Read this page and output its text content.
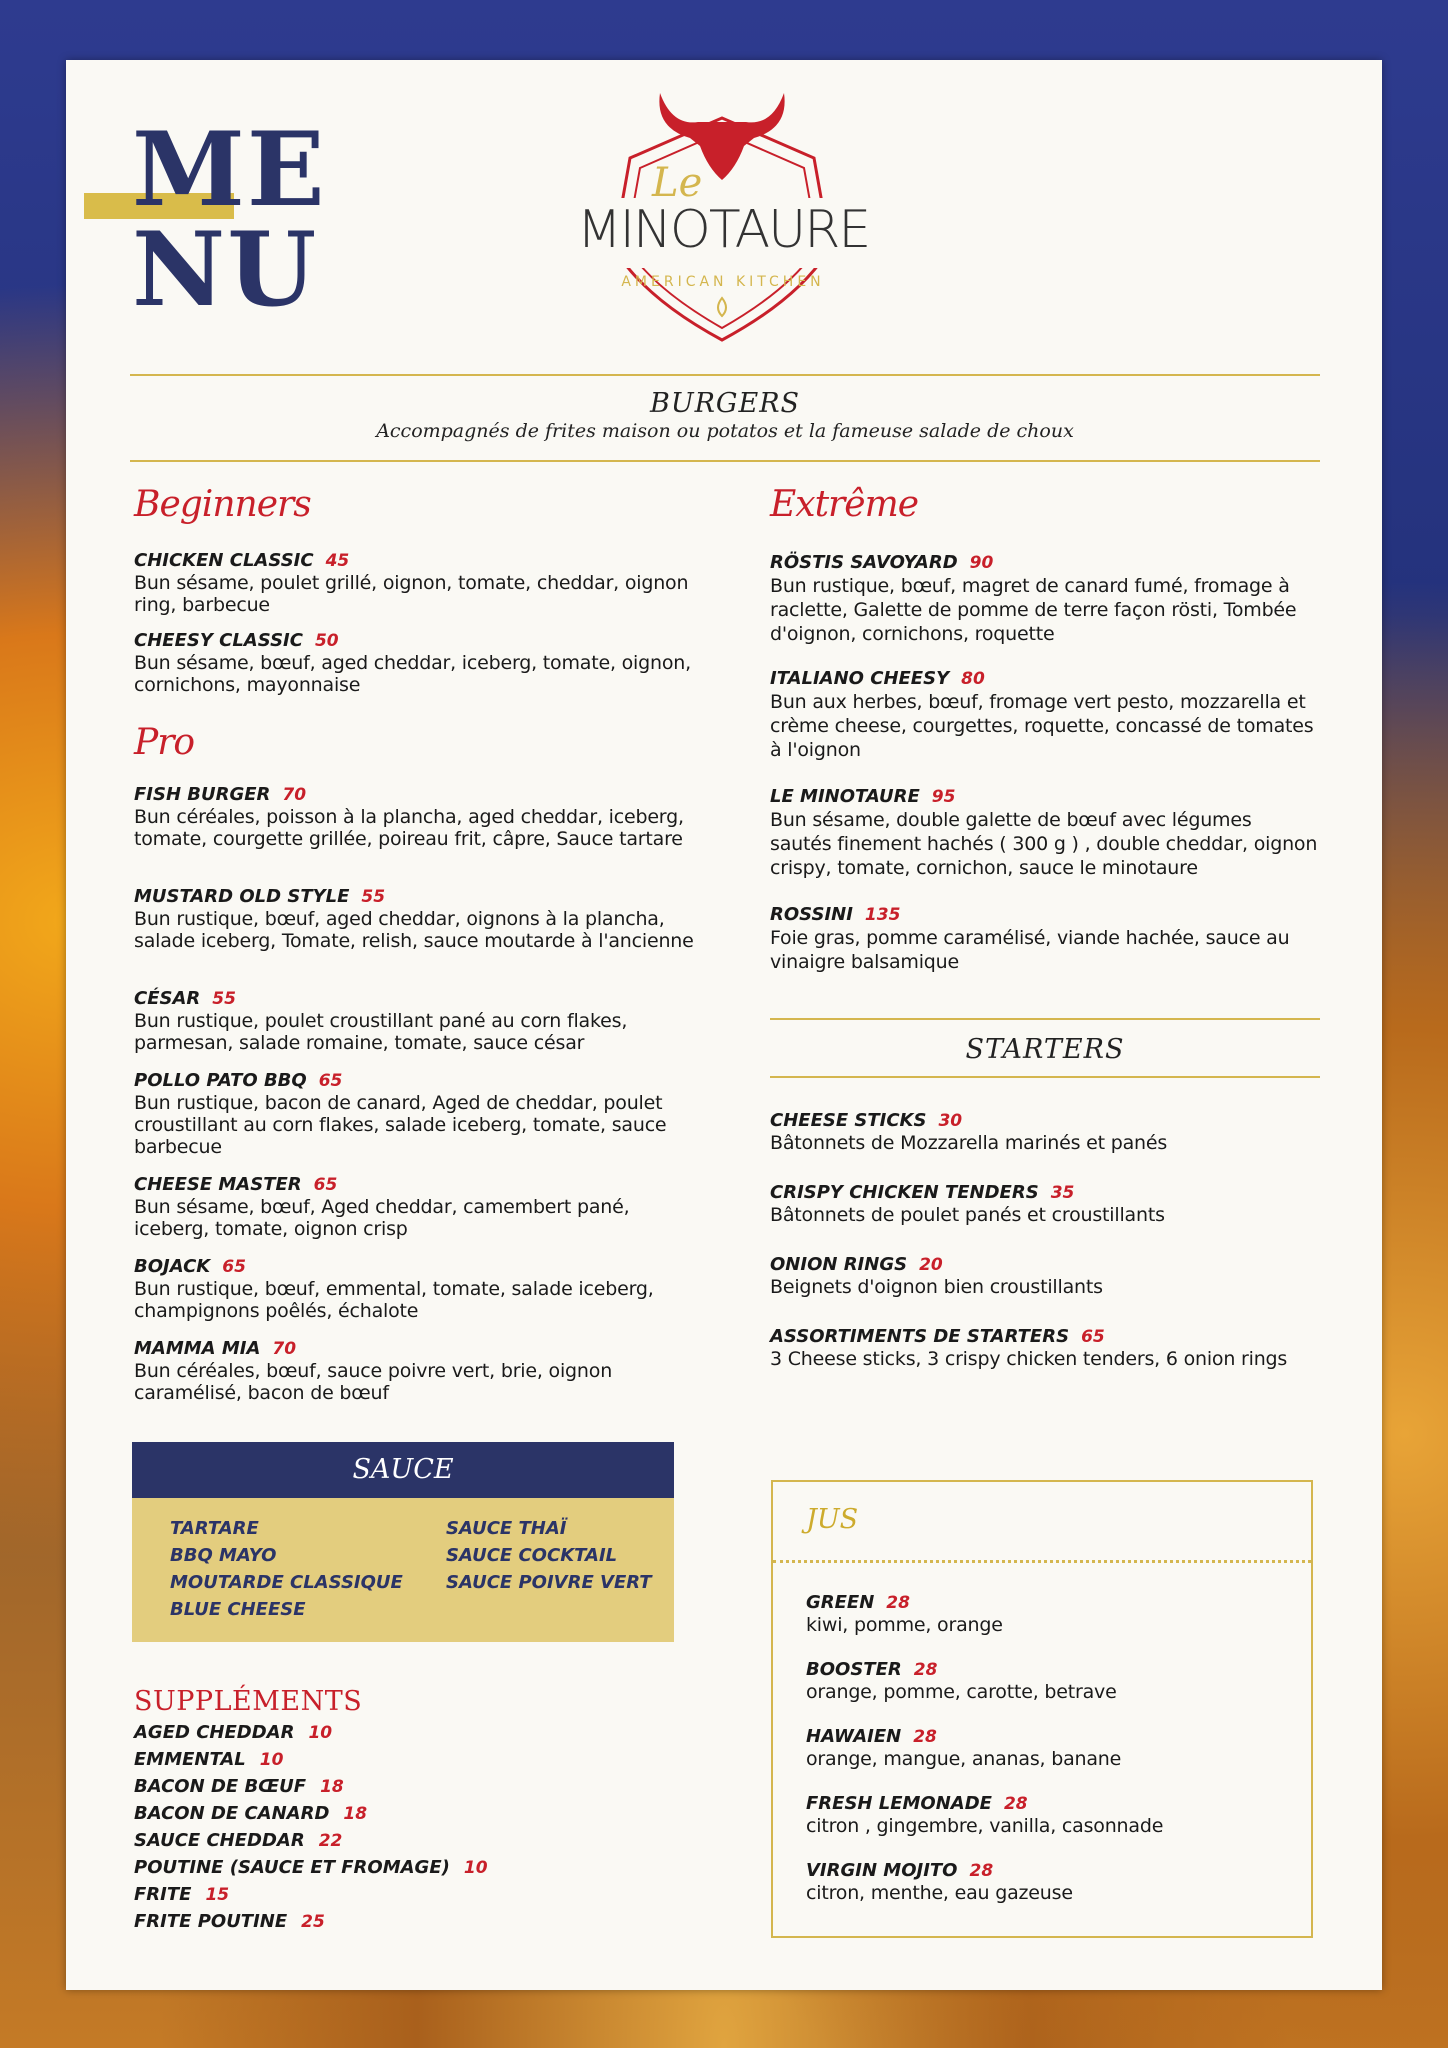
ME
NU
Le
MINOTAURE
AMERICAN KITCHEN
BURGERS
Accompagnés de frites maison ou potatos et la fameuse salade de choux
Beginners
CHICKEN CLASSIC 45
Bun sésame, poulet grillé, oignon, tomate, cheddar, oignon ring, barbecue
CHEESY CLASSIC 50
Bun sésame, bœuf, aged cheddar, iceberg, tomate, oignon, cornichons, mayonnaise
Pro
FISH BURGER 70
Bun céréales, poisson à la plancha, aged cheddar, iceberg, tomate, courgette grillée, poireau frit, câpre, Sauce tartare
MUSTARD OLD STYLE 55
Bun rustique, bœuf, aged cheddar, oignons à la plancha, salade iceberg, Tomate, relish, sauce moutarde à l'ancienne
CÉSAR 55
Bun rustique, poulet croustillant pané au corn flakes, parmesan, salade romaine, tomate, sauce césar
POLLO PATO BBQ 65
Bun rustique, bacon de canard, Aged de cheddar, poulet croustillant au corn flakes, salade iceberg, tomate, sauce barbecue
CHEESE MASTER 65
Bun sésame, bœuf, Aged cheddar, camembert pané, iceberg, tomate, oignon crisp
BOJACK 65
Bun rustique, bœuf, emmental, tomate, salade iceberg, champignons poêlés, échalote
MAMMA MIA 70
Bun céréales, bœuf, sauce poivre vert, brie, oignon caramélisé, bacon de bœuf
Extrême
RÖSTIS SAVOYARD 90
Bun rustique, bœuf, magret de canard fumé, fromage à raclette, Galette de pomme de terre façon rösti, Tombée d'oignon, cornichons, roquette
ITALIANO CHEESY 80
Bun aux herbes, bœuf, fromage vert pesto, mozzarella et crème cheese, courgettes, roquette, concassé de tomates à l'oignon
LE MINOTAURE 95
Bun sésame, double galette de bœuf avec légumes sautés finement hachés ( 300 g ) , double cheddar, oignon crispy, tomate, cornichon, sauce le minotaure
ROSSINI 135
Foie gras, pomme caramélisé, viande hachée, sauce au vinaigre balsamique
STARTERS
CHEESE STICKS 30
Bâtonnets de Mozzarella marinés et panés
CRISPY CHICKEN TENDERS 35
Bâtonnets de poulet panés et croustillants
ONION RINGS 20
Beignets d'oignon bien croustillants
ASSORTIMENTS DE STARTERS 65
3 Cheese sticks, 3 crispy chicken tenders, 6 onion rings
SAUCE
TARTARE
BBQ MAYO
MOUTARDE CLASSIQUE
BLUE CHEESE
SAUCE THAÏ
SAUCE COCKTAIL
SAUCE POIVRE VERT
SUPPLÉMENTS
AGED CHEDDAR 10
EMMENTAL 10
BACON DE BŒUF 18
BACON DE CANARD 18
SAUCE CHEDDAR 22
POUTINE (SAUCE ET FROMAGE) 10
FRITE 15
FRITE POUTINE 25
JUS
GREEN 28
kiwi, pomme, orange
BOOSTER 28
orange, pomme, carotte, betrave
HAWAIEN 28
orange, mangue, ananas, banane
FRESH LEMONADE 28
citron , gingembre, vanilla, casonnade
VIRGIN MOJITO 28
citron, menthe, eau gazeuse
